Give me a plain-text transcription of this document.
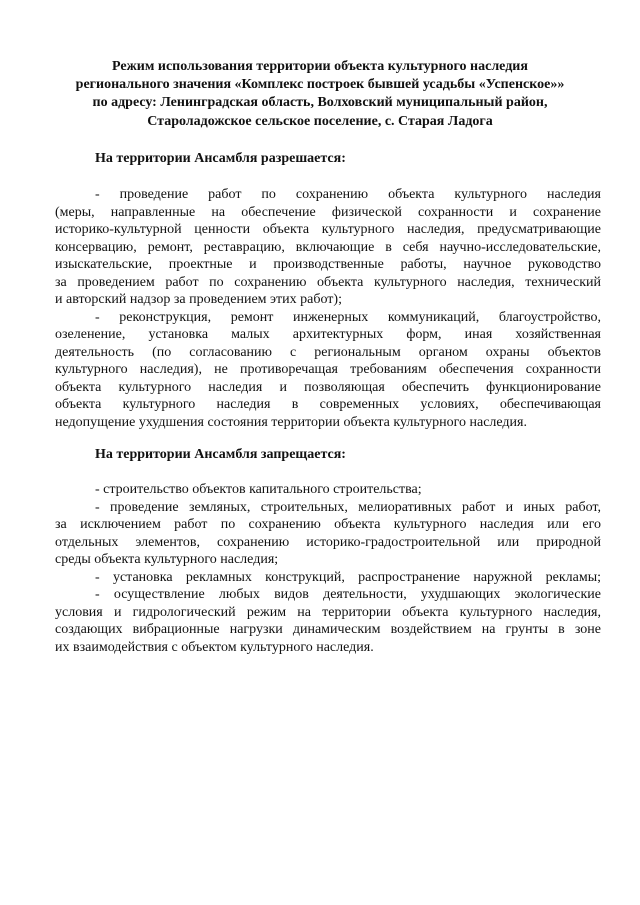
Режим использования территории объекта культурного наследия
регионального значения «Комплекс построек бывшей усадьбы «Успенское»»
по адресу: Ленинградская область, Волховский муниципальный район,
Староладожское сельское поселение, с. Старая Ладога
На территории Ансамбля разрешается:
- проведение работ по сохранению объекта культурного наследия
(меры, направленные на обеспечение физической сохранности и сохранение
историко-культурной ценности объекта культурного наследия, предусматривающие
консервацию, ремонт, реставрацию, включающие в себя научно-исследовательские,
изыскательские, проектные и производственные работы, научное руководство
за проведением работ по сохранению объекта культурного наследия, технический
и авторский надзор за проведением этих работ);
- реконструкция, ремонт инженерных коммуникаций, благоустройство,
озеленение, установка малых архитектурных форм, иная хозяйственная
деятельность (по согласованию с региональным органом охраны объектов
культурного наследия), не противоречащая требованиям обеспечения сохранности
объекта культурного наследия и позволяющая обеспечить функционирование
объекта культурного наследия в современных условиях, обеспечивающая
недопущение ухудшения состояния территории объекта культурного наследия.
На территории Ансамбля запрещается:
- строительство объектов капитального строительства;
- проведение земляных, строительных, мелиоративных работ и иных работ,
за исключением работ по сохранению объекта культурного наследия или его
отдельных элементов, сохранению историко-градостроительной или природной
среды объекта культурного наследия;
- установка рекламных конструкций, распространение наружной рекламы;
- осуществление любых видов деятельности, ухудшающих экологические
условия и гидрологический режим на территории объекта культурного наследия,
создающих вибрационные нагрузки динамическим воздействием на грунты в зоне
их взаимодействия с объектом культурного наследия.
